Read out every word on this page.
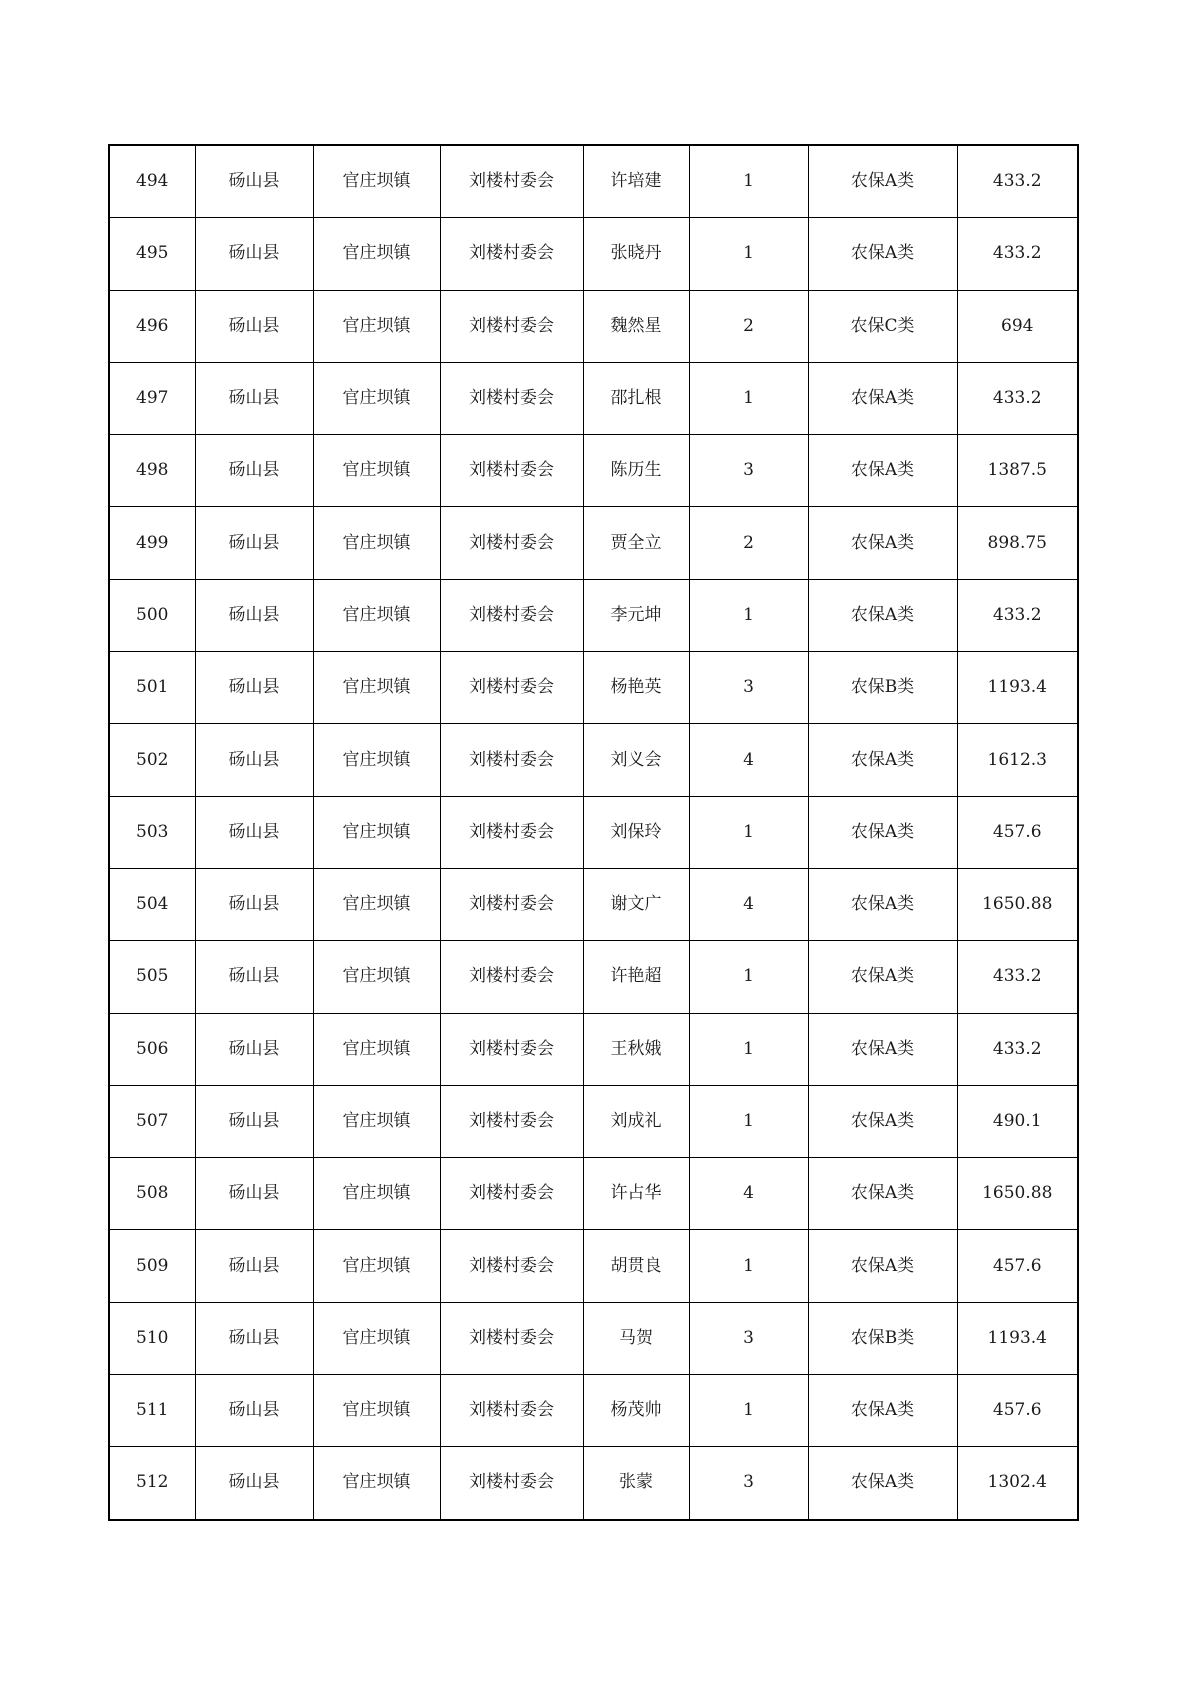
494	砀山县	官庄坝镇	刘楼村委会	许培建	1	农保A类	433.2
495	砀山县	官庄坝镇	刘楼村委会	张晓丹	1	农保A类	433.2
496	砀山县	官庄坝镇	刘楼村委会	魏然星	2	农保C类	694
497	砀山县	官庄坝镇	刘楼村委会	邵扎根	1	农保A类	433.2
498	砀山县	官庄坝镇	刘楼村委会	陈历生	3	农保A类	1387.5
499	砀山县	官庄坝镇	刘楼村委会	贾全立	2	农保A类	898.75
500	砀山县	官庄坝镇	刘楼村委会	李元坤	1	农保A类	433.2
501	砀山县	官庄坝镇	刘楼村委会	杨艳英	3	农保B类	1193.4
502	砀山县	官庄坝镇	刘楼村委会	刘义会	4	农保A类	1612.3
503	砀山县	官庄坝镇	刘楼村委会	刘保玲	1	农保A类	457.6
504	砀山县	官庄坝镇	刘楼村委会	谢文广	4	农保A类	1650.88
505	砀山县	官庄坝镇	刘楼村委会	许艳超	1	农保A类	433.2
506	砀山县	官庄坝镇	刘楼村委会	王秋娥	1	农保A类	433.2
507	砀山县	官庄坝镇	刘楼村委会	刘成礼	1	农保A类	490.1
508	砀山县	官庄坝镇	刘楼村委会	许占华	4	农保A类	1650.88
509	砀山县	官庄坝镇	刘楼村委会	胡贯良	1	农保A类	457.6
510	砀山县	官庄坝镇	刘楼村委会	马贺	3	农保B类	1193.4
511	砀山县	官庄坝镇	刘楼村委会	杨茂帅	1	农保A类	457.6
512	砀山县	官庄坝镇	刘楼村委会	张蒙	3	农保A类	1302.4
